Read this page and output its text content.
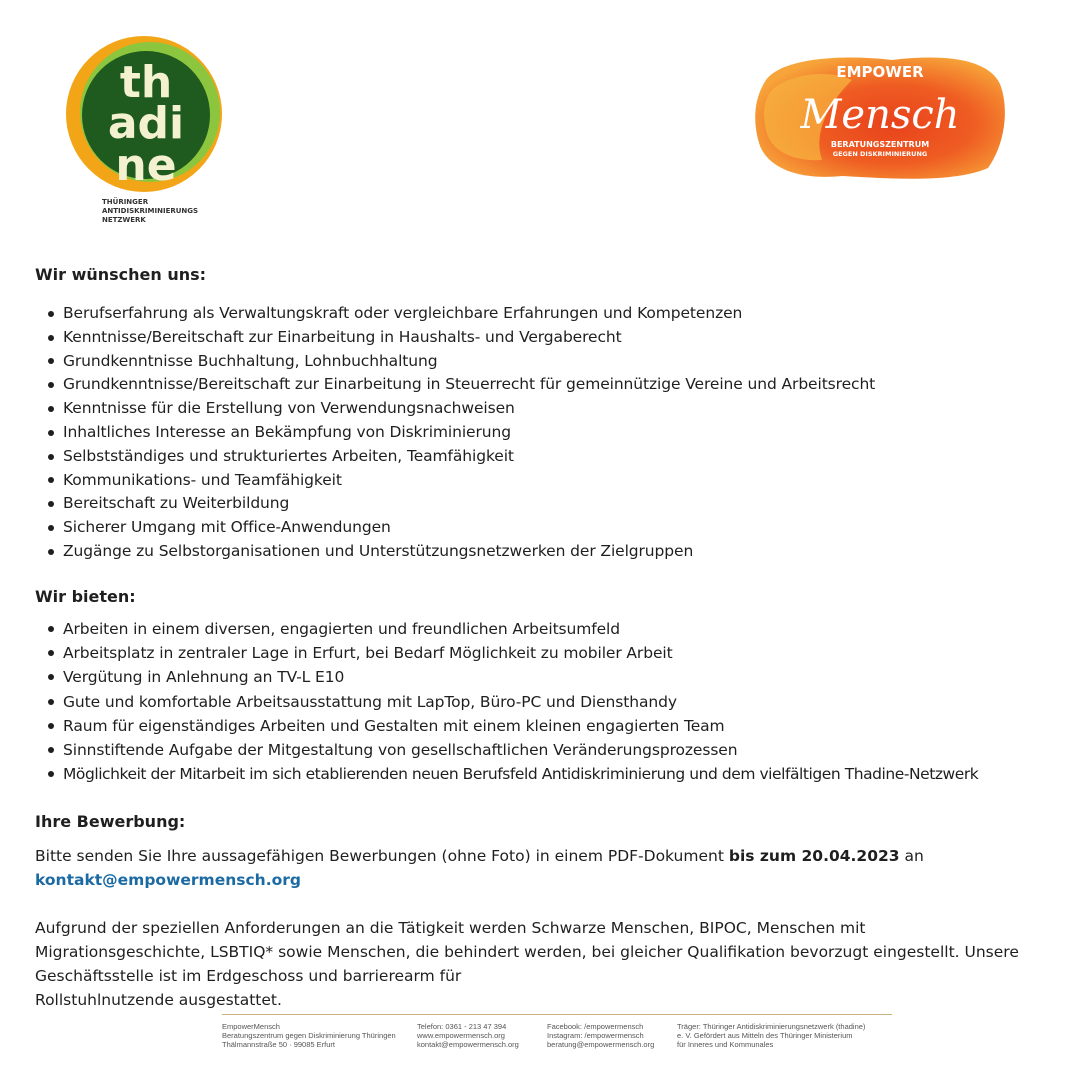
th
adi
ne
THÜRINGER
ANTIDISKRIMINIERUNGS
NETZWERK
EMPOWER
Mensch
BERATUNGSZENTRUM
GEGEN DISKRIMINIERUNG
Wir wünschen uns:
Berufserfahrung als Verwaltungskraft oder vergleichbare Erfahrungen und Kompetenzen
Kenntnisse/Bereitschaft zur Einarbeitung in Haushalts- und Vergaberecht
Grundkenntnisse Buchhaltung, Lohnbuchhaltung
Grundkenntnisse/Bereitschaft zur Einarbeitung in Steuerrecht für gemeinnützige Vereine und Arbeitsrecht
Kenntnisse für die Erstellung von Verwendungsnachweisen
Inhaltliches Interesse an Bekämpfung von Diskriminierung
Selbstständiges und strukturiertes Arbeiten, Teamfähigkeit
Kommunikations- und Teamfähigkeit
Bereitschaft zu Weiterbildung
Sicherer Umgang mit Office-Anwendungen
Zugänge zu Selbstorganisationen und Unterstützungsnetzwerken der Zielgruppen
Wir bieten:
Arbeiten in einem diversen, engagierten und freundlichen Arbeitsumfeld
Arbeitsplatz in zentraler Lage in Erfurt, bei Bedarf Möglichkeit zu mobiler Arbeit
Vergütung in Anlehnung an TV-L E10
Gute und komfortable Arbeitsausstattung mit LapTop, Büro-PC und Diensthandy
Raum für eigenständiges Arbeiten und Gestalten mit einem kleinen engagierten Team
Sinnstiftende Aufgabe der Mitgestaltung von gesellschaftlichen Veränderungsprozessen
Möglichkeit der Mitarbeit im sich etablierenden neuen Berufsfeld Antidiskriminierung und dem vielfältigen Thadine-Netzwerk
Ihre Bewerbung:

Bitte senden Sie Ihre aussagefähigen Bewerbungen (ohne Foto) in einem PDF-Dokument bis zum 20.04.2023 an

kontakt@empowermensch.org

Aufgrund der speziellen Anforderungen an die Tätigkeit werden Schwarze Menschen, BIPOC, Menschen mit

Migrationsgeschichte, LSBTIQ* sowie Menschen, die behindert werden, bei gleicher Qualifikation bevorzugt eingestellt. Unsere

Geschäftsstelle ist im Erdgeschoss und barrierearm für

Rollstuhlnutzende ausgestattet.

EmpowerMensch
Beratungszentrum gegen Diskriminierung Thüringen
Thälmannstraße 50 · 99085 Erfurt
Telefon: 0361 - 213 47 394
www.empowermensch.org
kontakt@empowermensch.org
Facebook: /empowermensch
Instagram: /empowermensch
beratung@empowermensch.org
Träger: Thüringer Antidiskriminierungsnetzwerk (thadine)
e. V. Gefördert aus Mitteln des Thüringer Ministerium
für Inneres und Kommunales
